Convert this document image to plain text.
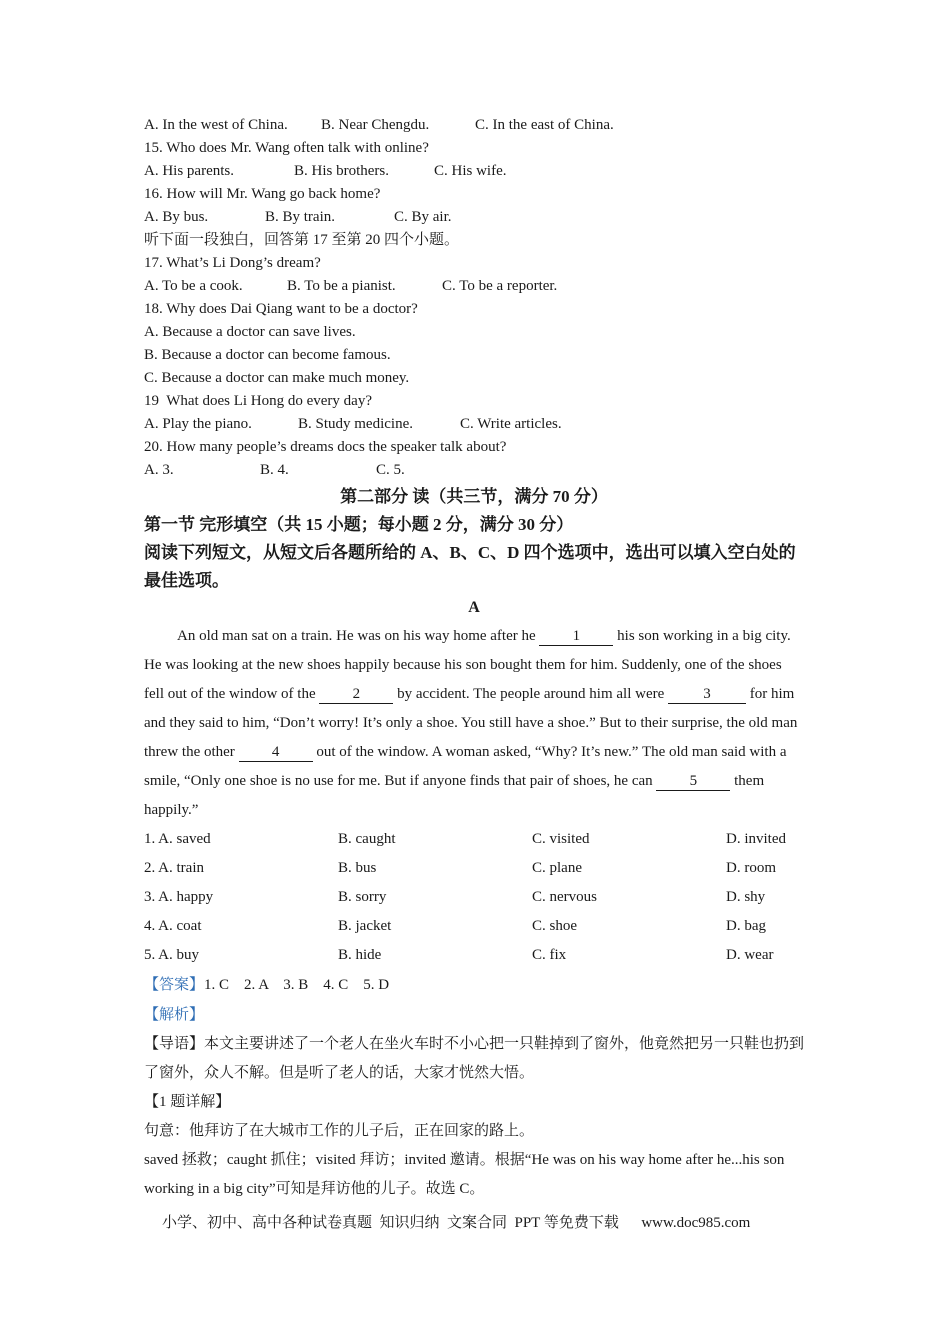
A. In the west of China.	B. Near Chengdu.	C. In the east of China.
15. Who does Mr. Wang often talk with online?
A. His parents.	B. His brothers.	C. His wife.
16. How will Mr. Wang go back home?
A. By bus.	B. By train.	C. By air.
听下面一段独白，回答第 17 至第 20 四个小题。
17. What’s Li Dong’s dream?
A. To be a cook.	B. To be a pianist.	C. To be a reporter.
18. Why does Dai Qiang want to be a doctor?
A. Because a doctor can save lives.
B. Because a doctor can become famous.
C. Because a doctor can make much money.
19  What does Li Hong do every day?
A. Play the piano.	B. Study medicine.	C. Write articles.
20. How many people’s dreams docs the speaker talk about?
A. 3.	B. 4.	C. 5.
第二部分 读（共三节，满分 70 分）
第一节 完形填空（共 15 小题；每小题 2 分，满分 30 分）
阅读下列短文，从短文后各题所给的 A、B、C、D 四个选项中，选出可以填入空白处的最佳选项。
A
An old man sat on a train. He was on his way home after he 1 his son working in a big city. He was looking at the new shoes happily because his son bought them for him. Suddenly, one of the shoes fell out of the window of the 2 by accident. The people around him all were 3 for him and they said to him, “Don’t worry! It’s only a shoe. You still have a shoe.” But to their surprise, the old man threw the other 4 out of the window. A woman asked, “Why? It’s new.” The old man said with a smile, “Only one shoe is no use for me. But if anyone finds that pair of shoes, he can 5 them happily.”
1. A. saved	B. caught	C. visited	D. invited
2. A. train	B. bus	C. plane	D. room
3. A. happy	B. sorry	C. nervous	D. shy
4. A. coat	B. jacket	C. shoe	D. bag
5. A. buy	B. hide	C. fix	D. wear
【答案】1. C    2. A    3. B    4. C    5. D
【解析】
【导语】本文主要讲述了一个老人在坐火车时不小心把一只鞋掉到了窗外，他竟然把另一只鞋也扔到了窗外，众人不解。但是听了老人的话，大家才恍然大悟。
【1 题详解】
句意：他拜访了在大城市工作的儿子后，正在回家的路上。
saved 拯救；caught 抓住；visited 拜访；invited 邀请。根据“He was on his way home after he...his son working in a big city”可知是拜访他的儿子。故选 C。
小学、初中、高中各种试卷真题  知识归纳  文案合同  PPT 等免费下载      www.doc985.com
